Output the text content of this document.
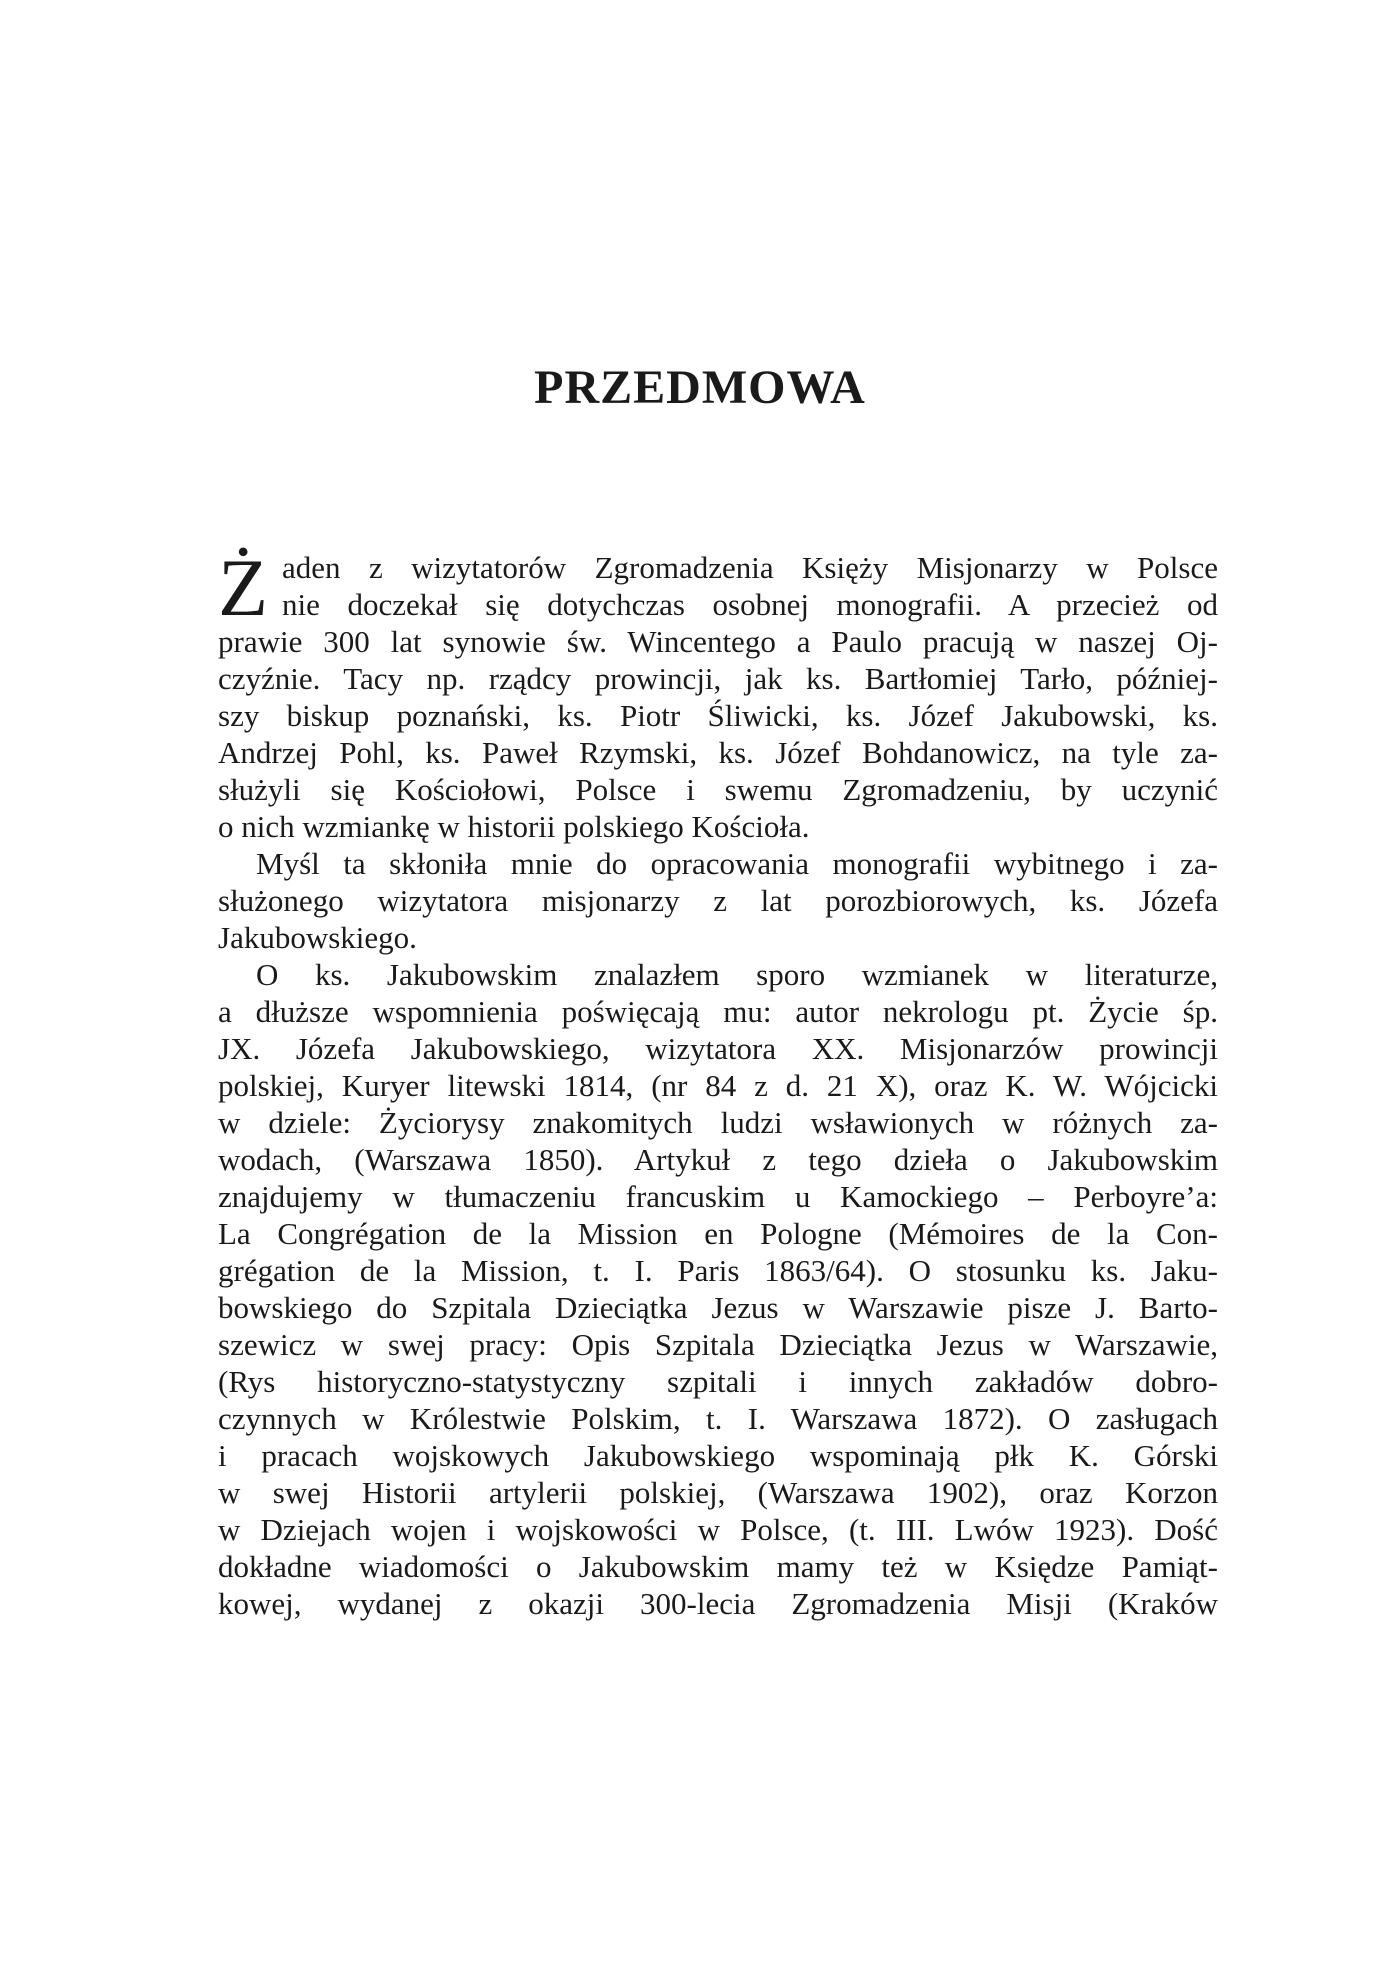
PRZEDMOWA
Ż aden z wizytatorów Zgromadzenia Księży Misjonarzy w Polsce
nie doczekał się dotychczas osobnej monografii. A przecież od
prawie 300 lat synowie św. Wincentego a Paulo pracują w naszej Oj-
czyźnie. Tacy np. rządcy prowincji, jak ks. Bartłomiej Tarło, później-
szy biskup poznański, ks. Piotr Śliwicki, ks. Józef Jakubowski, ks.
Andrzej Pohl, ks. Paweł Rzymski, ks. Józef Bohdanowicz, na tyle za-
służyli się Kościołowi, Polsce i swemu Zgromadzeniu, by uczynić
o nich wzmiankę w historii polskiego Kościoła.
Myśl ta skłoniła mnie do opracowania monografii wybitnego i za-
służonego wizytatora misjonarzy z lat porozbiorowych, ks. Józefa
Jakubowskiego.
O ks. Jakubowskim znalazłem sporo wzmianek w literaturze,
a dłuższe wspomnienia poświęcają mu: autor nekrologu pt. Życie śp.
JX. Józefa Jakubowskiego, wizytatora XX. Misjonarzów prowincji
polskiej, Kuryer litewski 1814, (nr 84 z d. 21 X), oraz K. W. Wójcicki
w dziele: Życiorysy znakomitych ludzi wsławionych w różnych za-
wodach, (Warszawa 1850). Artykuł z tego dzieła o Jakubowskim
znajdujemy w tłumaczeniu francuskim u Kamockiego – Perboyre’a:
La Congrégation de la Mission en Pologne (Mémoires de la Con-
grégation de la Mission, t. I. Paris 1863/64). O stosunku ks. Jaku-
bowskiego do Szpitala Dzieciątka Jezus w Warszawie pisze J. Barto-
szewicz w swej pracy: Opis Szpitala Dzieciątka Jezus w Warszawie,
(Rys historyczno-statystyczny szpitali i innych zakładów dobro-
czynnych w Królestwie Polskim, t. I. Warszawa 1872). O zasługach
i pracach wojskowych Jakubowskiego wspominają płk K. Górski
w swej Historii artylerii polskiej, (Warszawa 1902), oraz Korzon
w Dziejach wojen i wojskowości w Polsce, (t. III. Lwów 1923). Dość
dokładne wiadomości o Jakubowskim mamy też w Księdze Pamiąt-
kowej, wydanej z okazji 300-lecia Zgromadzenia Misji (Kraków
